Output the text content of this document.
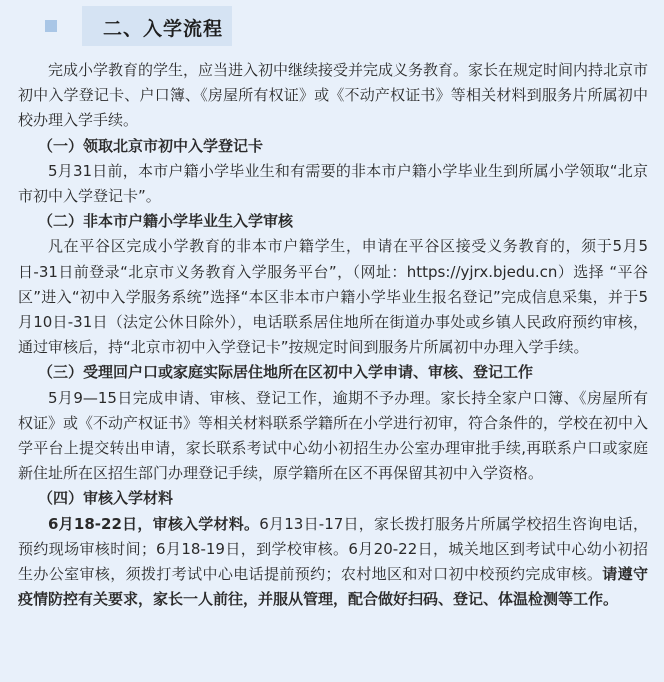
二、入学流程

完成小学教育的学生，应当进入初中继续接受并完成义务教育。家长在规定时间内持北京市初中入学登记卡、户口簿、《房屋所有权证》或《不动产权证书》等相关材料到服务片所属初中校办理入学手续。

（一）领取北京市初中入学登记卡

5月31日前，本市户籍小学毕业生和有需要的非本市户籍小学毕业生到所属小学领取“北京市初中入学登记卡”。

（二）非本市户籍小学毕业生入学审核

凡在平谷区完成小学教育的非本市户籍学生，申请在平谷区接受义务教育的，须于5月5日-31日前登录“北京市义务教育入学服务平台”，（网址：https://yjrx.bjedu.cn）选择 “平谷区”进入“初中入学服务系统”选择“本区非本市户籍小学毕业生报名登记”完成信息采集，并于5月10日-31日（法定公休日除外），电话联系居住地所在街道办事处或乡镇人民政府预约审核，通过审核后，持“北京市初中入学登记卡”按规定时间到服务片所属初中办理入学手续。

（三）受理回户口或家庭实际居住地所在区初中入学申请、审核、登记工作

5月9—15日完成申请、审核、登记工作，逾期不予办理。家长持全家户口簿、《房屋所有权证》或《不动产权证书》等相关材料联系学籍所在小学进行初审，符合条件的，学校在初中入学平台上提交转出申请，家长联系考试中心幼小初招生办公室办理审批手续,再联系户口或家庭新住址所在区招生部门办理登记手续，原学籍所在区不再保留其初中入学资格。

（四）审核入学材料

6月18-22日，审核入学材料。6月13日-17日，家长拨打服务片所属学校招生咨询电话，预约现场审核时间；6月18-19日，到学校审核。6月20-22日，城关地区到考试中心幼小初招生办公室审核，须拨打考试中心电话提前预约；农村地区和对口初中校预约完成审核。请遵守疫情防控有关要求，家长一人前往，并服从管理，配合做好扫码、登记、体温检测等工作。
